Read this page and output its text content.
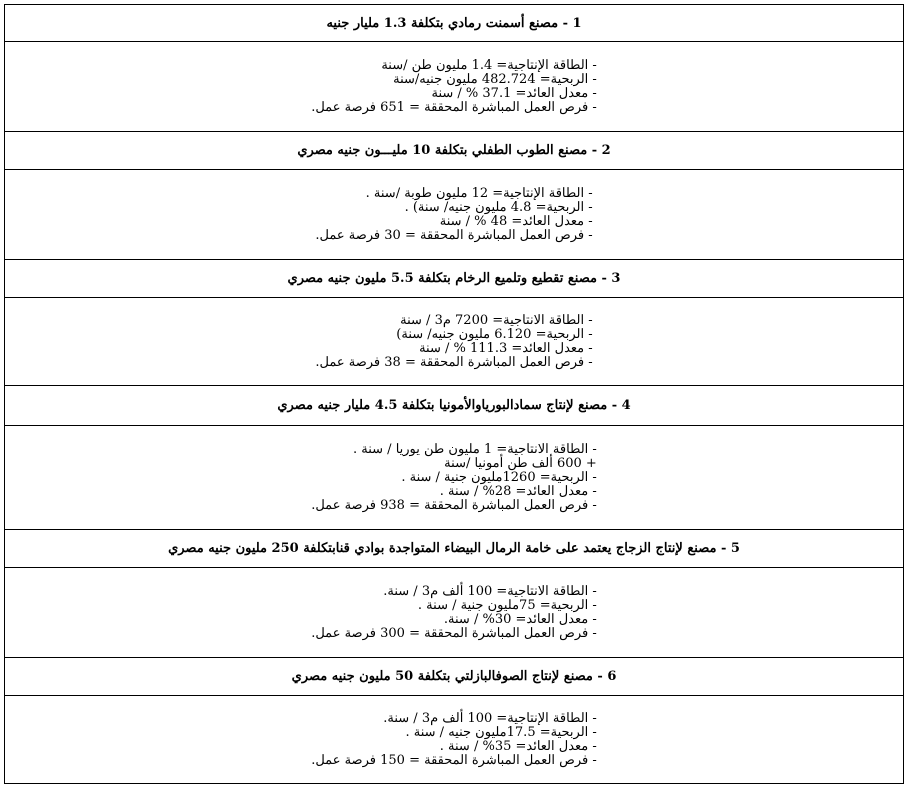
1 - مصنع أسمنت رمادي بتكلفة 1.3 مليار جنيه
- الطاقة الإنتاجية= 1.4 مليون طن /سنة
- الربحية= 482.724 مليون جنيه/سنة
- معدل العائد= 37.1 % / سنة
- فرص العمل المباشرة المحققة = 651 فرصة عمل.
2 - مصنع الطوب الطفلي بتكلفة 10 مليـــون جنيه مصري
- الطاقة الإنتاجية= 12 مليون طوبة /سنة .
- الربحية= 4.8 مليون جنيه/ سنة) .
- معدل العائد= 48 % / سنة
- فرص العمل المباشرة المحققة = 30 فرصة عمل.
3 - مصنع تقطيع وتلميع الرخام بتكلفة 5.5 مليون جنيه مصري
- الطاقة الانتاجية= 7200 م3 / سنة
- الربحية= 6.120 مليون جنيه/ سنة)
- معدل العائد= 111.3 % / سنة
- فرص العمل المباشرة المحققة = 38 فرصة عمل.
4 - مصنع لإنتاج سمادالبورياوالأمونيا بتكلفة 4.5 مليار جنيه مصري
- الطاقة الانتاجية= 1 مليون طن يوريا / سنة .
+ 600 ألف طن أمونيا /سنة
- الربحية= 1260مليون جنية / سنة .
- معدل العائد= 28% / سنة .
- فرص العمل المباشرة المحققة = 938 فرصة عمل.
5 - مصنع لإنتاج الزجاج يعتمد على خامة الرمال البيضاء المتواجدة بوادي قنابتكلفة 250 مليون جنيه مصري
- الطاقة الانتاجية= 100 ألف م3 / سنة.
- الربحية= 75مليون جنية / سنة .
- معدل العائد= 30% / سنة.
- فرص العمل المباشرة المحققة = 300 فرصة عمل.
6 - مصنع لإنتاج الصوفالبازلتي بتكلفة 50 مليون جنيه مصري
- الطاقة الإنتاجية= 100 ألف م3 / سنة.
- الربحية= 17.5مليون جنيه / سنة .
- معدل العائد= 35% / سنة .
- فرص العمل المباشرة المحققة = 150 فرصة عمل.
